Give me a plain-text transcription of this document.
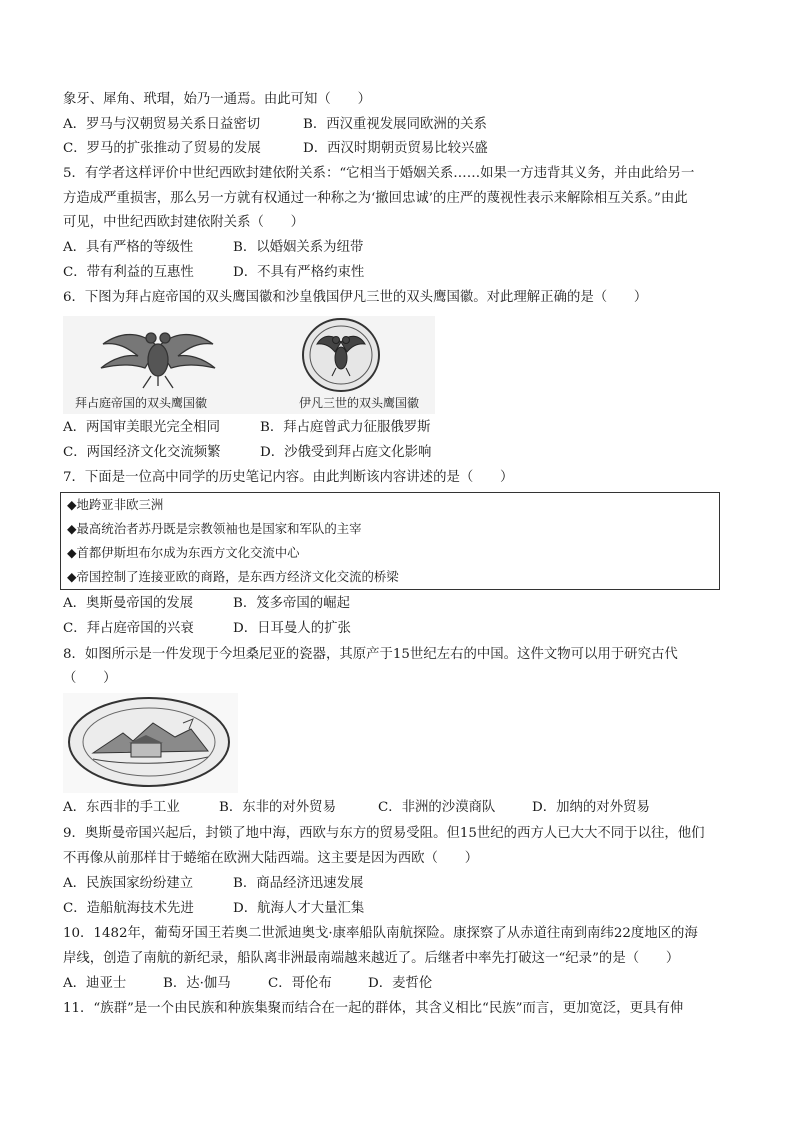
象牙、犀角、玳瑁，始乃一通焉。由此可知（　　）
A．罗马与汉朝贸易关系日益密切	B．西汉重视发展同欧洲的关系
C．罗马的扩张推动了贸易的发展	D．西汉时期朝贡贸易比较兴盛
5．有学者这样评价中世纪西欧封建依附关系：“它相当于婚姻关系……如果一方违背其义务，并由此给另一
方造成严重损害，那么另一方就有权通过一种称之为‘撤回忠诚’的庄严的蔑视性表示来解除相互关系。”由此
可见，中世纪西欧封建依附关系（　　）
A．具有严格的等级性	B．以婚姻关系为纽带
C．带有利益的互惠性	D．不具有严格约束性
6．下图为拜占庭帝国的双头鹰国徽和沙皇俄国伊凡三世的双头鹰国徽。对此理解正确的是（　　）
拜占庭帝国的双头鹰国徽	伊凡三世的双头鹰国徽
A．两国审美眼光完全相同	B．拜占庭曾武力征服俄罗斯
C．两国经济文化交流频繁	D．沙俄受到拜占庭文化影响
7．下面是一位高中同学的历史笔记内容。由此判断该内容讲述的是（　　）
◆地跨亚非欧三洲
◆最高统治者苏丹既是宗教领袖也是国家和军队的主宰
◆首都伊斯坦布尔成为东西方文化交流中心
◆帝国控制了连接亚欧的商路，是东西方经济文化交流的桥梁
A．奥斯曼帝国的发展	B．笈多帝国的崛起
C．拜占庭帝国的兴衰	D．日耳曼人的扩张
8．如图所示是一件发现于今坦桑尼亚的瓷器，其原产于15世纪左右的中国。这件文物可以用于研究古代
（　　）
A．东西非的手工业	B．东非的对外贸易	C．非洲的沙漠商队	D．加纳的对外贸易
9．奥斯曼帝国兴起后，封锁了地中海，西欧与东方的贸易受阻。但15世纪的西方人已大大不同于以往，他们
不再像从前那样甘于蜷缩在欧洲大陆西端。这主要是因为西欧（　　）
A．民族国家纷纷建立	B．商品经济迅速发展
C．造船航海技术先进	D．航海人才大量汇集
10．1482年，葡萄牙国王若奥二世派迪奥戈·康率船队南航探险。康探察了从赤道往南到南纬22度地区的海
岸线，创造了南航的新纪录，船队离非洲最南端越来越近了。后继者中率先打破这一“纪录”的是（　　）
A．迪亚士	B．达·伽马	C．哥伦布	D．麦哲伦
11．“族群”是一个由民族和种族集聚而结合在一起的群体，其含义相比“民族”而言，更加宽泛，更具有伸
